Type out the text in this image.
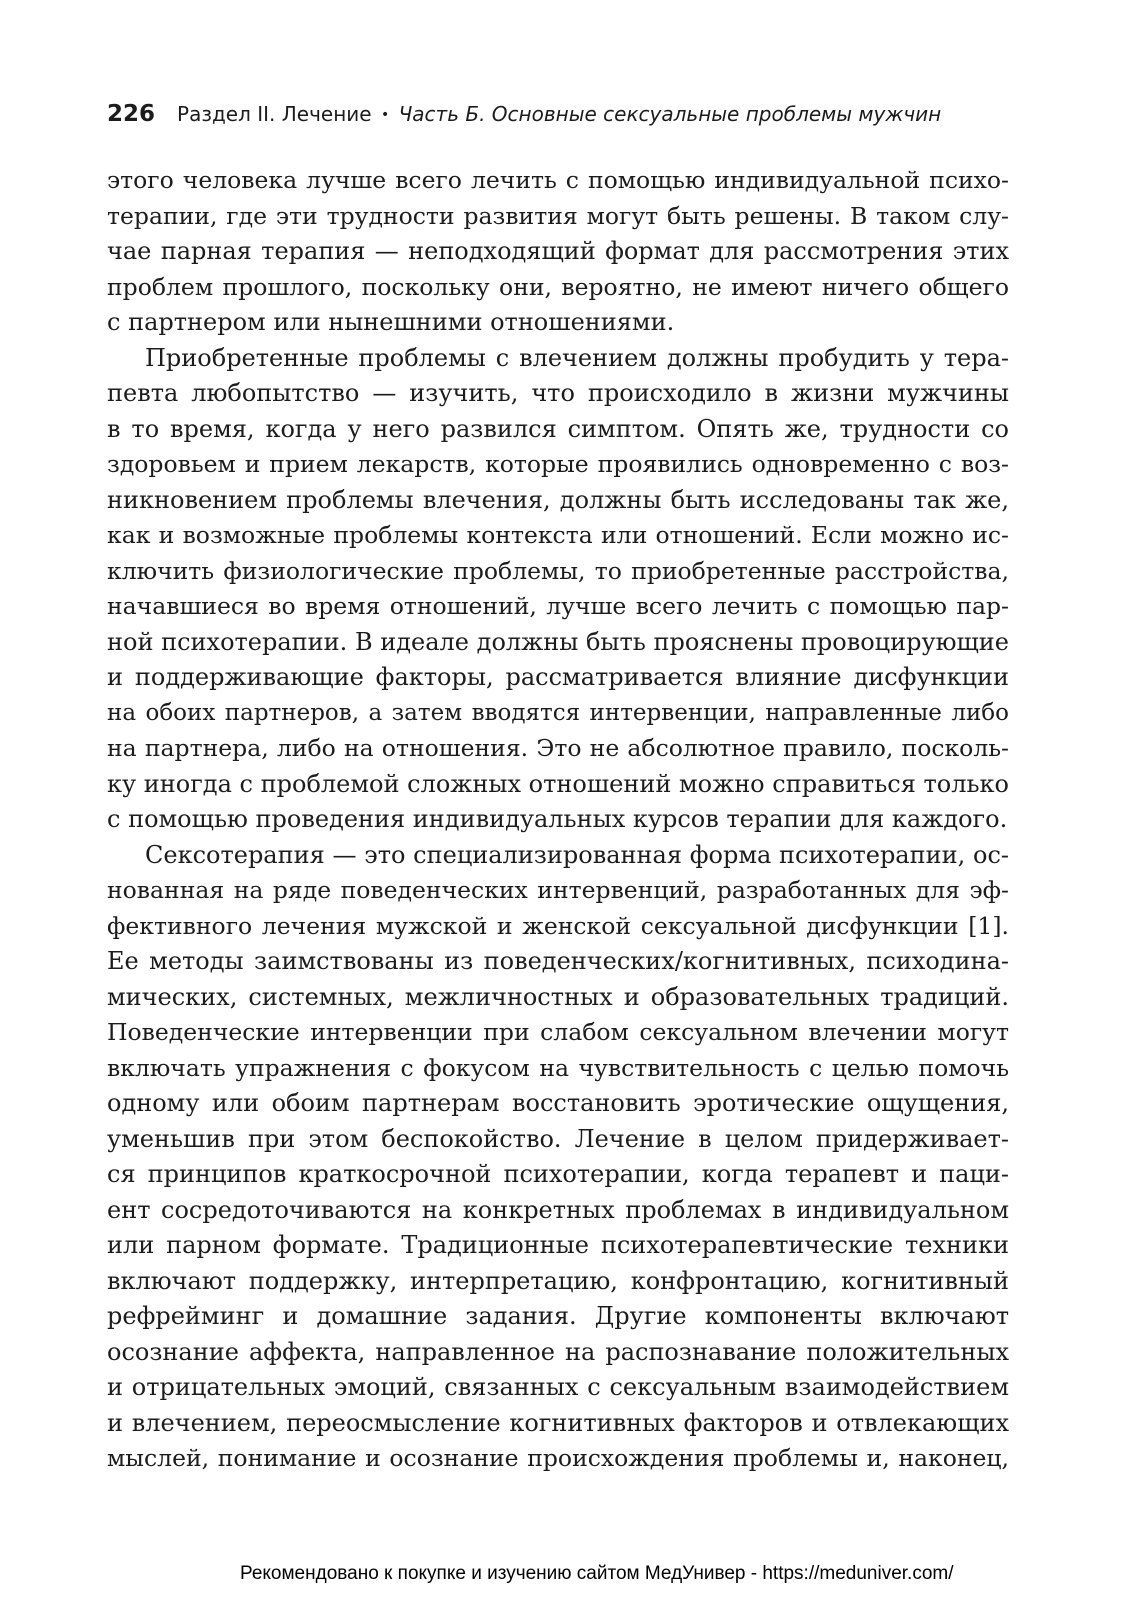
226 Раздел II. Лечение • Часть Б. Основные сексуальные проблемы мужчин
этого человека лучше всего лечить с помощью индивидуальной психо-
терапии, где эти трудности развития могут быть решены. В таком слу-
чае парная терапия — неподходящий формат для рассмотрения этих
проблем прошлого, поскольку они, вероятно, не имеют ничего общего
с партнером или нынешними отношениями.
Приобретенные проблемы с влечением должны пробудить у тера-
певта любопытство — изучить, что происходило в жизни мужчины
в то время, когда у него развился симптом. Опять же, трудности со
здоровьем и прием лекарств, которые проявились одновременно с воз-
никновением проблемы влечения, должны быть исследованы так же,
как и возможные проблемы контекста или отношений. Если можно ис-
ключить физиологические проблемы, то приобретенные расстройства,
начавшиеся во время отношений, лучше всего лечить с помощью пар-
ной психотерапии. В идеале должны быть прояснены провоцирующие
и поддерживающие факторы, рассматривается влияние дисфункции
на обоих партнеров, а затем вводятся интервенции, направленные либо
на партнера, либо на отношения. Это не абсолютное правило, посколь-
ку иногда с проблемой сложных отношений можно справиться только
с помощью проведения индивидуальных курсов терапии для каждого.
Сексотерапия — это специализированная форма психотерапии, ос-
нованная на ряде поведенческих интервенций, разработанных для эф-
фективного лечения мужской и женской сексуальной дисфункции [1].
Ее методы заимствованы из поведенческих/когнитивных, психодина-
мических, системных, межличностных и образовательных традиций.
Поведенческие интервенции при слабом сексуальном влечении могут
включать упражнения с фокусом на чувствительность с целью помочь
одному или обоим партнерам восстановить эротические ощущения,
уменьшив при этом беспокойство. Лечение в целом придерживает-
ся принципов краткосрочной психотерапии, когда терапевт и паци-
ент сосредоточиваются на конкретных проблемах в индивидуальном
или парном формате. Традиционные психотерапевтические техники
включают поддержку, интерпретацию, конфронтацию, когнитивный
рефрейминг и домашние задания. Другие компоненты включают
осознание аффекта, направленное на распознавание положительных
и отрицательных эмоций, связанных с сексуальным взаимодействием
и влечением, переосмысление когнитивных факторов и отвлекающих
мыслей, понимание и осознание происхождения проблемы и, наконец,
Рекомендовано к покупке и изучению сайтом МедУнивер - https://meduniver.com/
